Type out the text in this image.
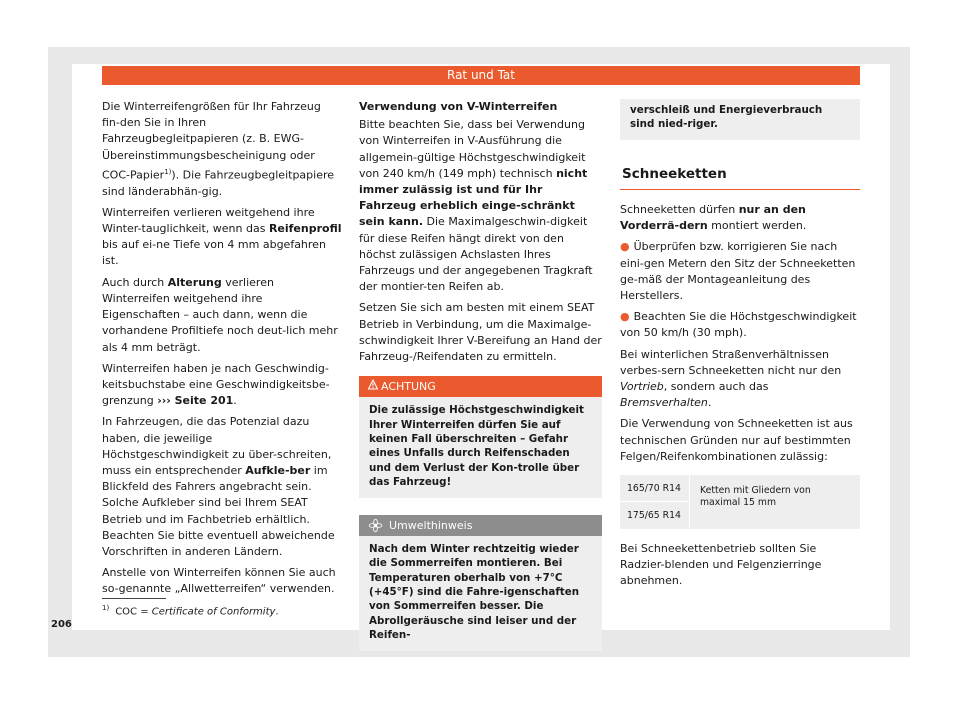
Rat und Tat

Die Winterreifengrößen für Ihr Fahrzeug fin-den Sie in Ihren Fahrzeugbegleitpapieren (z. B. EWG-Übereinstimmungsbescheinigung oder COC-Papier$^{1)}$). Die Fahrzeugbegleitpapiere sind länderabhän-gig.

Winterreifen verlieren weitgehend ihre Winter-tauglichkeit, wenn das Reifenprofil bis auf ei-ne Tiefe von 4 mm abgefahren ist.

Auch durch Alterung verlieren Winterreifen weitgehend ihre Eigenschaften – auch dann, wenn die vorhandene Profiltiefe noch deut-lich mehr als 4 mm beträgt.

Winterreifen haben je nach Geschwindig-keitsbuchstabe eine Geschwindigkeitsbe-grenzung ››› Seite 201.

In Fahrzeugen, die das Potenzial dazu haben, die jeweilige Höchstgeschwindigkeit zu über-schreiten, muss ein entsprechender Aufkle-ber im Blickfeld des Fahrers angebracht sein. Solche Aufkleber sind bei Ihrem SEAT Betrieb und im Fachbetrieb erhältlich. Beachten Sie bitte eventuell abweichende Vorschriften in anderen Ländern.

Anstelle von Winterreifen können Sie auch so-genannte „Allwetterreifen“ verwenden.

Verwendung von V-Winterreifen

Bitte beachten Sie, dass bei Verwendung von Winterreifen in V-Ausführung die allgemein-gültige Höchstgeschwindigkeit von 240 km/h (149 mph) technisch nicht immer zulässig ist und für Ihr Fahrzeug erheblich einge-schränkt sein kann. Die Maximalgeschwin-digkeit für diese Reifen hängt direkt von den höchst zulässigen Achslasten Ihres Fahrzeugs und der angegebenen Tragkraft der montier-ten Reifen ab.

Setzen Sie sich am besten mit einem SEAT Betrieb in Verbindung, um die Maximalge-schwindigkeit Ihrer V-Bereifung an Hand der Fahrzeug-/Reifendaten zu ermitteln.

ACHTUNG
Die zulässige Höchstgeschwindigkeit Ihrer Winterreifen dürfen Sie auf keinen Fall überschreiten – Gefahr eines Unfalls durch Reifenschaden und dem Verlust der Kon-trolle über das Fahrzeug!
Umwelthinweis
Nach dem Winter rechtzeitig wieder die Sommerreifen montieren. Bei Temperaturen oberhalb von +7°C (+45°F) sind die Fahre-igenschaften von Sommerreifen besser. Die Abrollgeräusche sind leiser und der Reifen-
verschleiß und Energieverbrauch sind nied-riger.
Schneeketten

Schneeketten dürfen nur an den Vorderrä-dern montiert werden.

● Überprüfen bzw. korrigieren Sie nach eini-gen Metern den Sitz der Schneeketten ge-mäß der Montageanleitung des Herstellers.

● Beachten Sie die Höchstgeschwindigkeit von 50 km/h (30 mph).

Bei winterlichen Straßenverhältnissen verbes-sern Schneeketten nicht nur den Vortrieb, sondern auch das Bremsverhalten.

Die Verwendung von Schneeketten ist aus technischen Gründen nur auf bestimmten Felgen/Reifenkombinationen zulässig:

165/70 R14
175/65 R14
Ketten mit Gliedern von maximal 15 mm

Bei Schneekettenbetrieb sollten Sie Radzier-blenden und Felgenzierringe abnehmen.

$^{1)}$ COC = Certificate of Conformity.
206
